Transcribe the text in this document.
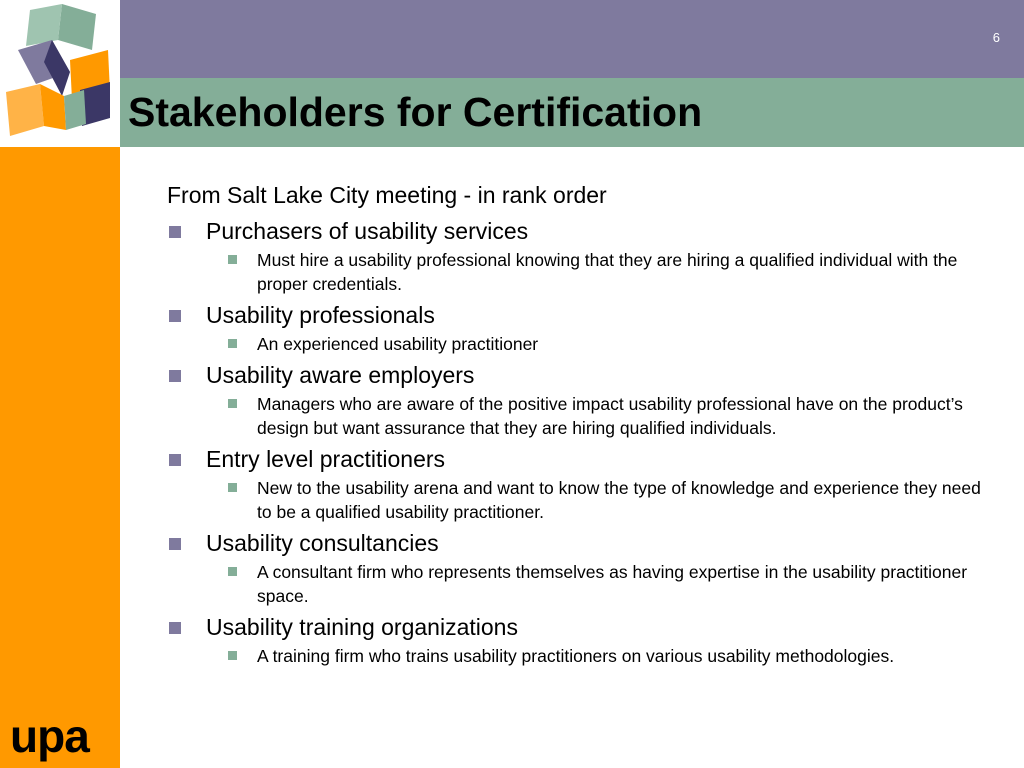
upa
6
Stakeholders for Certification

From Salt Lake City meeting - in rank order

Purchasers of usability services
Must hire a usability professional knowing that they are hiring a qualified individual with the proper credentials.
Usability professionals
An experienced usability practitioner
Usability aware employers
Managers who are aware of the positive impact usability professional have on the product’s design but want assurance that they are hiring qualified individuals.
Entry level practitioners
New to the usability arena and want to know the type of knowledge and experience they need to be a qualified usability practitioner.
Usability consultancies
A consultant firm who represents themselves as having expertise in the usability practitioner space.
Usability training organizations
A training firm who trains usability practitioners on various usability methodologies.
